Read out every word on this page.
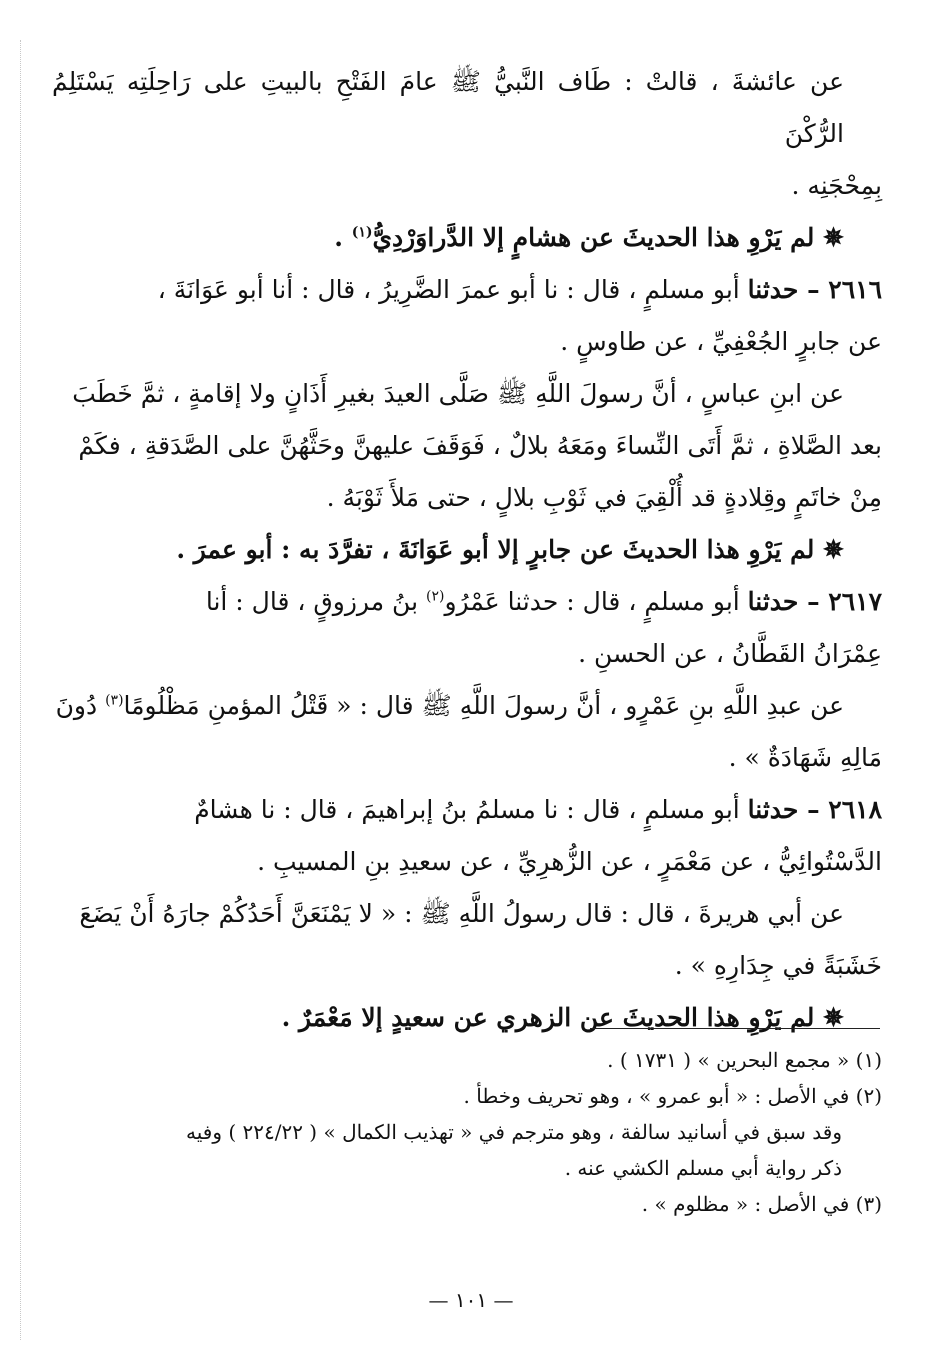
عن عائشةَ ، قالتْ : طَاف النَّبيُّ ﷺ عامَ الفَتْحِ بالبيتِ على رَاحِلَتِه يَسْتَلِمُ الرُّكْنَ

بِمِحْجَنِه .

✵ لم يَرْوِ هذا الحديثَ عن هشامٍ إلا الدَّراوَرْدِيُّ$^{(١)}$ .

٢٦١٦ – حدثنا أبو مسلمٍ ، قال : نا أبو عمرَ الضَّرِيرُ ، قال : أنا أبو عَوَانَةَ ،

عن جابرٍ الجُعْفِيِّ ، عن طاوسٍ .

عن ابنِ عباسٍ ، أنَّ رسولَ اللَّهِ ﷺ صَلَّى العيدَ بغيرِ أَذَانٍ ولا إقامةٍ ، ثمَّ خَطَبَ

بعد الصَّلاةِ ، ثمَّ أَتَى النِّساءَ ومَعَهُ بلالٌ ، فَوَقَفَ عليهنَّ وحَثَّهُنَّ على الصَّدَقةِ ، فكَمْ

مِنْ خاتَمٍ وقِلادةٍ قد أُلْقِيَ في ثَوْبِ بلالٍ ، حتى مَلأَ ثَوْبَهُ .

✵ لم يَرْوِ هذا الحديثَ عن جابرٍ إلا أبو عَوَانَةَ ، تفرَّدَ به : أبو عمرَ .

٢٦١٧ – حدثنا أبو مسلمٍ ، قال : حدثنا عَمْرُو$^{(٢)}$ بنُ مرزوقٍ ، قال : أنا

عِمْرَانُ القَطَّانُ ، عن الحسنِ .

عن عبدِ اللَّهِ بنِ عَمْرٍو ، أنَّ رسولَ اللَّهِ ﷺ قال : « قَتْلُ المؤمنِ مَظْلُومًا$^{(٣)}$ دُونَ

مَالِهِ شَهَادَةٌ » .

٢٦١٨ – حدثنا أبو مسلمٍ ، قال : نا مسلمُ بنُ إبراهيمَ ، قال : نا هشامٌ

الدَّسْتُوائِيُّ ، عن مَعْمَرٍ ، عن الزُّهرِيِّ ، عن سعيدِ بنِ المسيبِ .

عن أبي هريرةَ ، قال : قال رسولُ اللَّهِ ﷺ : « لا يَمْنَعَنَّ أَحَدُكُمْ جارَهُ أَنْ يَضَعَ

خَشَبَةً في جِدَارِهِ » .

✵ لم يَرْوِ هذا الحديثَ عن الزهري عن سعيدٍ إلا مَعْمَرٌ .

(١) « مجمع البحرين » ( ١٧٣١ ) .

(٢) في الأصل : « أبو عمرو » ، وهو تحريف وخطأ .

وقد سبق في أسانيد سالفة ، وهو مترجم في « تهذيب الكمال » ( ٢٢٤/٢٢ ) وفيه

ذكر رواية أبي مسلم الكشي عنه .

(٣) في الأصل : « مظلوم » .

— ١٠١ —
